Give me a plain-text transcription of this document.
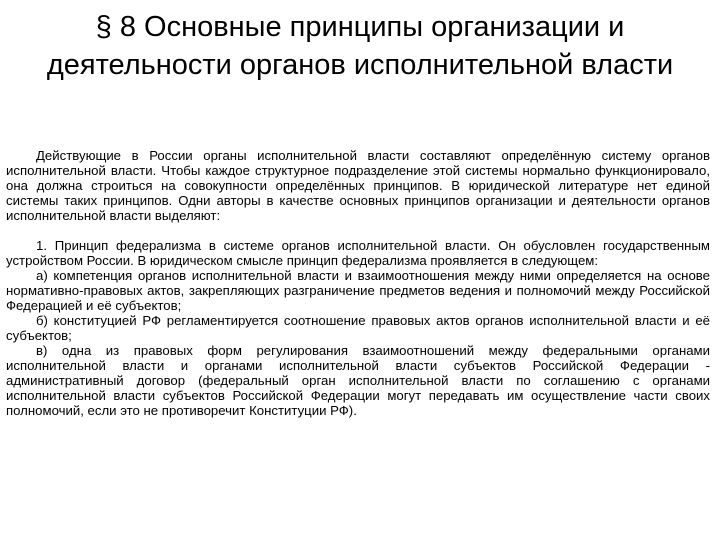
§ 8 Основные принципы организации и деятельности органов исполнительной власти

Действующие в России органы исполнительной власти составляют определённую систему органов исполнительной власти. Чтобы каждое структурное подразделение этой системы нормально функционировало, она должна строиться на совокупности определённых принципов. В юридической литературе нет единой системы таких принципов. Одни авторы в качестве основных принципов организации и деятельности органов исполнительной власти выделяют:

1. Принцип федерализма в системе органов исполнительной власти. Он обусловлен государственным устройством России. В юридическом смысле принцип федерализма проявляется в следующем:

а) компетенция органов исполнительной власти и взаимоотношения между ними определяется на основе нормативно-правовых актов, закрепляющих разграничение предметов ведения и полномочий между Российской Федерацией и её субъектов;

б) конституцией РФ регламентируется соотношение правовых актов органов исполнительной власти и её субъектов;

в) одна из правовых форм регулирования взаимоотношений между федеральными органами исполнительной власти и органами исполнительной власти субъектов Российской Федерации - административный договор (федеральный орган исполнительной власти по соглашению с органами исполнительной власти субъектов Российской Федерации могут передавать им осуществление части своих полномочий, если это не противоречит Конституции РФ).
